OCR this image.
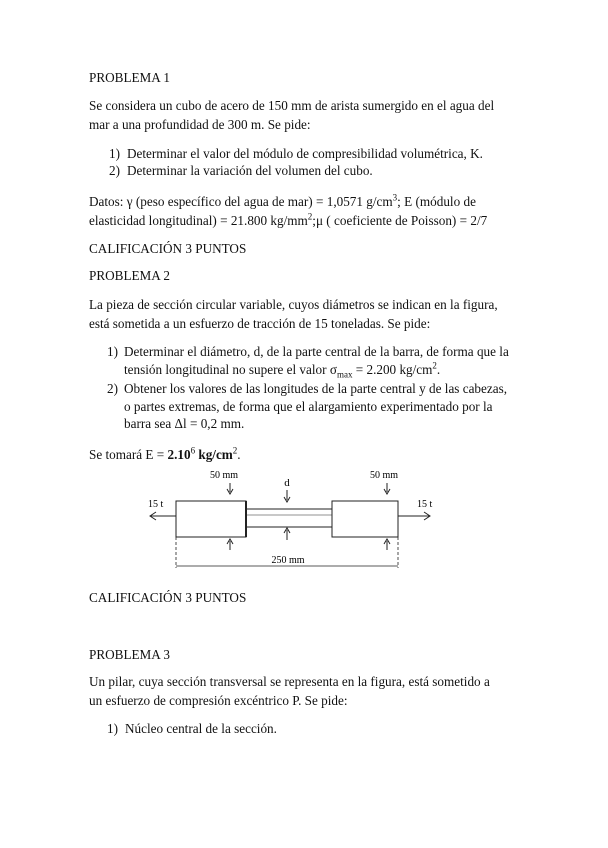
PROBLEMA 1
Se considera un cubo de acero de 150 mm de arista sumergido en el agua del mar a una profundidad de 300 m. Se pide:
1) Determinar el valor del módulo de compresibilidad volumétrica, K.
2) Determinar la variación del volumen del cubo.
Datos: γ (peso específico del agua de mar) = 1,0571 $g/cm^3$; E (módulo de elasticidad longitudinal) = 21.800 $kg/mm^2;\mu$ ( coeficiente de Poisson) = 2/7
CALIFICACIÓN 3 PUNTOS
PROBLEMA 2
La pieza de sección circular variable, cuyos diámetros se indican en la figura, está sometida a un esfuerzo de tracción de 15 toneladas. Se pide:
1) Determinar el diámetro, d, de la parte central de la barra, de forma que la tensión longitudinal no supere el valor $\sigma_{max} = 2.200$ $kg/cm^2$.
2) Obtener los valores de las longitudes de la parte central y de las cabezas, o partes extremas, de forma que el alargamiento experimentado por la barra sea Δl = 0,2 mm.
Se tomará $E = 2.10^6$ $kg/cm^2$.
50 mm
d
50 mm
15 t	15 t
250 mm
CALIFICACIÓN 3 PUNTOS
PROBLEMA 3
Un pilar, cuya sección transversal se representa en la figura, está sometido a un esfuerzo de compresión excéntrico P. Se pide:
1) Núcleo central de la sección.
